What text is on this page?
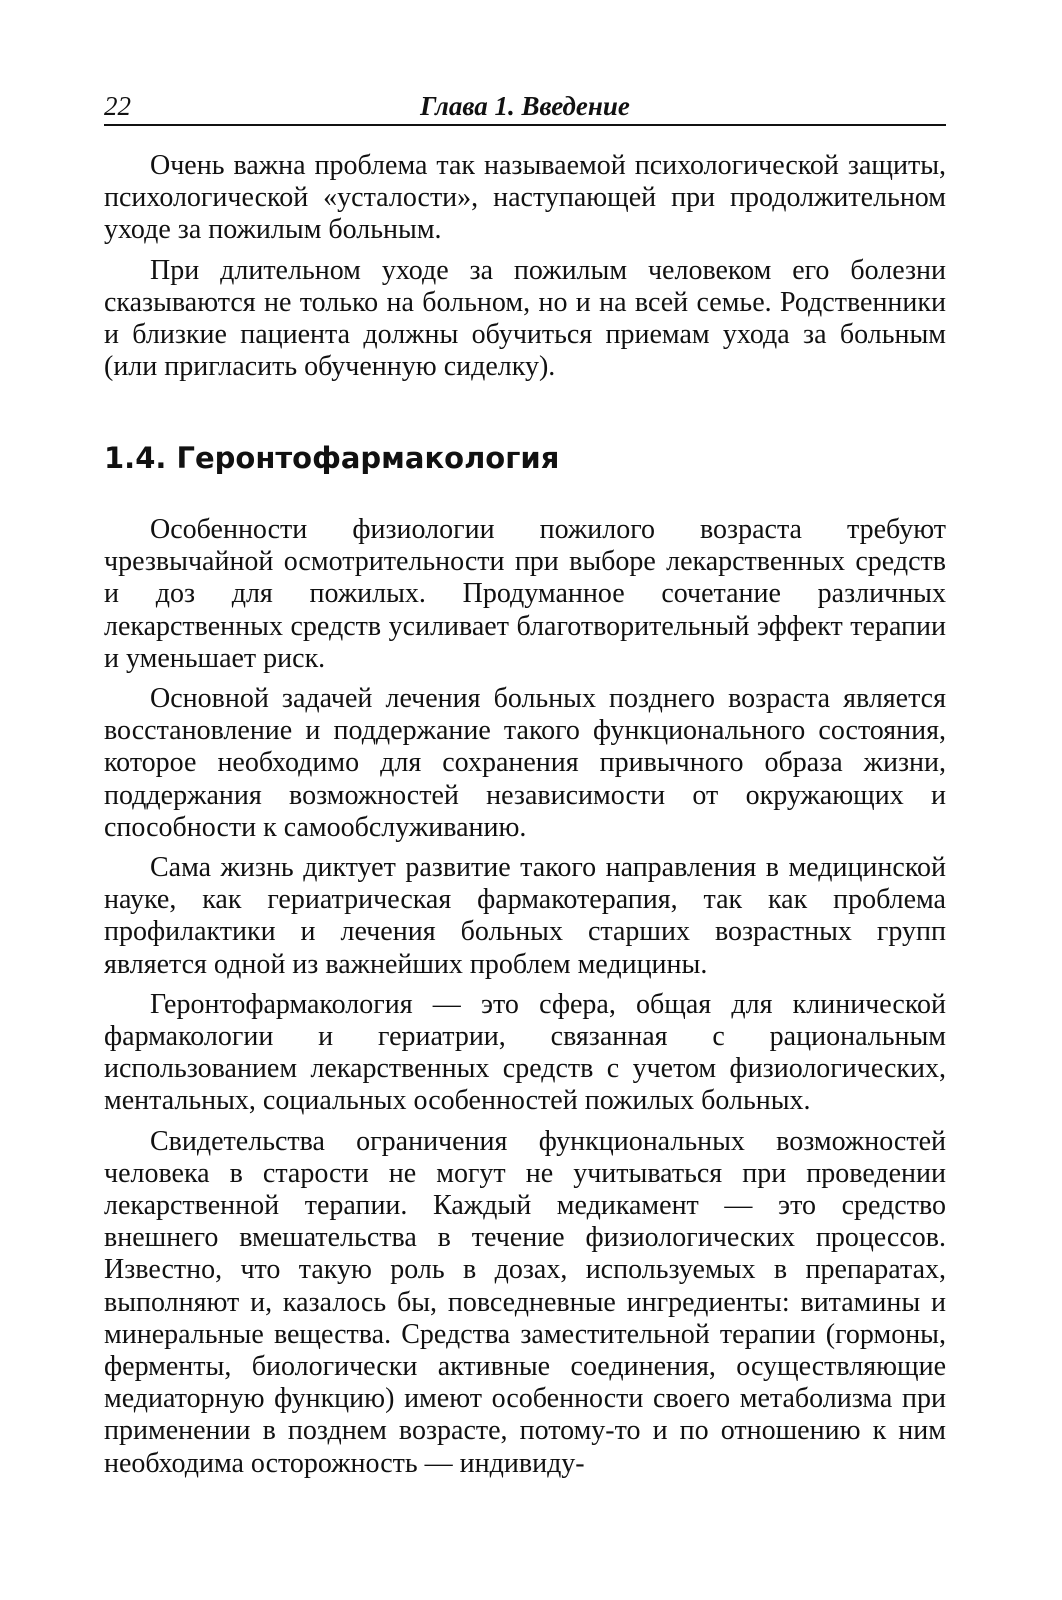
22	Глава 1. Введение

Очень важна проблема так называемой психологической защиты, психологической «усталости», наступающей при продолжительном уходе за пожилым больным.

При длительном уходе за пожилым человеком его болезни сказываются не только на больном, но и на всей семье. Родственники и близкие пациента должны обучиться приемам ухода за больным (или пригласить обученную сиделку).

1.4. Геронтофармакология

Особенности физиологии пожилого возраста требуют чрезвычайной осмотрительности при выборе лекарственных средств и доз для пожилых. Продуманное сочетание различных лекарственных средств усиливает благотворительный эффект терапии и уменьшает риск.

Основной задачей лечения больных позднего возраста является восстановление и поддержание такого функционального состояния, которое необходимо для сохранения привычного образа жизни, поддержания возможностей независимости от окружающих и способности к самообслуживанию.

Сама жизнь диктует развитие такого направления в медицинской науке, как гериатрическая фармакотерапия, так как проблема профилактики и лечения больных старших возрастных групп является одной из важнейших проблем медицины.

Геронтофармакология — это сфера, общая для клинической фармакологии и гериатрии, связанная с рациональным использованием лекарственных средств с учетом физиологических, ментальных, социальных особенностей пожилых больных.

Свидетельства ограничения функциональных возможностей человека в старости не могут не учитываться при проведении лекарственной терапии. Каждый медикамент — это средство внешнего вмешательства в течение физиологических процессов. Известно, что такую роль в дозах, используемых в препаратах, выполняют и, казалось бы, повседневные ингредиенты: витамины и минеральные вещества. Средства заместительной терапии (гормоны, ферменты, биологически активные соединения, осуществляющие медиаторную функцию) имеют особенности своего метаболизма при применении в позднем возрасте, потому-то и по отношению к ним необходима осторожность — индивиду-
